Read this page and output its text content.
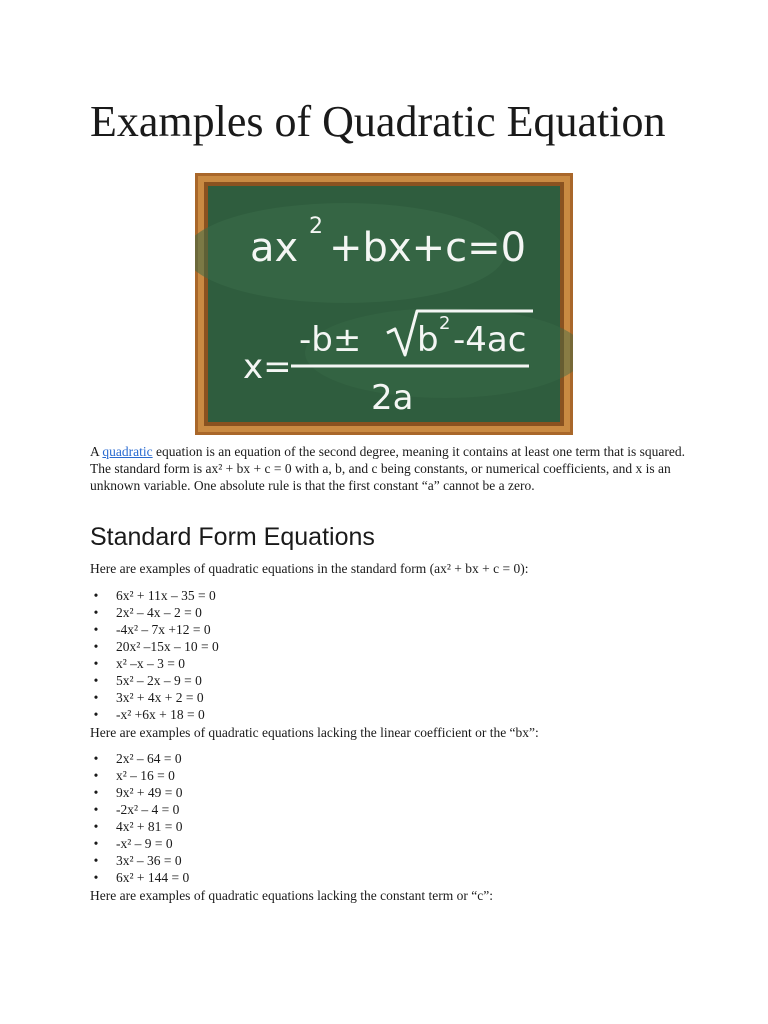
Examples of Quadratic Equation
ax 2 +bx+c=0
x=
-b± b 2 -4ac
2a

A quadratic equation is an equation of the second degree, meaning it contains at least one term that is squared. The standard form is ax² + bx + c = 0 with a, b, and c being constants, or numerical coefficients, and x is an unknown variable. One absolute rule is that the first constant “a” cannot be a zero.

Standard Form Equations

Here are examples of quadratic equations in the standard form (ax² + bx + c = 0):

• 6x² + 11x – 35 = 0
• 2x² – 4x – 2 = 0
• -4x² – 7x +12 = 0
• 20x² –15x – 10 = 0
• x² –x – 3 = 0
• 5x² – 2x – 9 = 0
• 3x² + 4x + 2 = 0
• -x² +6x + 18 = 0

Here are examples of quadratic equations lacking the linear coefficient or the “bx”:

• 2x² – 64 = 0
• x² – 16 = 0
• 9x² + 49 = 0
• -2x² – 4 = 0
• 4x² + 81 = 0
• -x² – 9 = 0
• 3x² – 36 = 0
• 6x² + 144 = 0

Here are examples of quadratic equations lacking the constant term or “c”:
